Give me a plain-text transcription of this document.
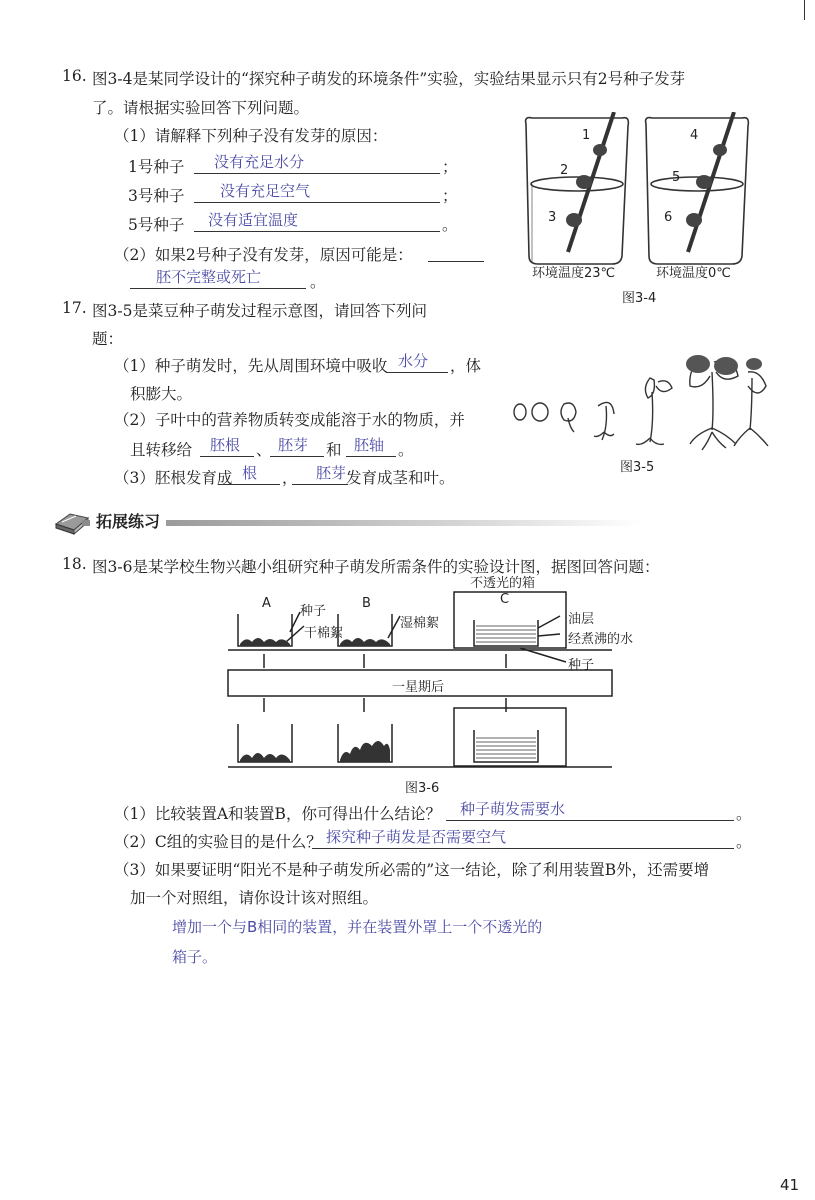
16. 图3-4是某同学设计的“探究种子萌发的环境条件”实验，实验结果显示只有2号种子发芽
了。请根据实验回答下列问题。
（1）请解释下列种子没有发芽的原因：
1号种子 没有充足水分	；
3号种子 没有充足空气	；
5号种子 没有适宜温度	。
（2）如果2号种子没有发芽，原因可能是：
胚不完整或死亡	。
1
2
3
4
5
6
环境温度23℃	环境温度0℃
图3-4
17. 图3-5是菜豆种子萌发过程示意图，请回答下列问
题：
（1）种子萌发时，先从周围环境中吸收 水分 ，体
积膨大。
（2）子叶中的营养物质转变成能溶于水的物质，并
且转移给 胚根 、 胚芽 和 胚轴 。
（3）胚根发育成 根 ， 胚芽 发育成茎和叶。
图3-5
拓展练习
18. 图3-6是某学校生物兴趣小组研究种子萌发所需条件的实验设计图，据图回答问题：
A	B	C
种子
干棉絮
湿棉絮
不透光的箱
油层
经煮沸的水
种子
一星期后
图3-6
（1）比较装置A和装置B，你可得出什么结论？ 种子萌发需要水	。
（2）C组的实验目的是什么？ 探究种子萌发是否需要空气	。
（3）如果要证明“阳光不是种子萌发所必需的”这一结论，除了利用装置B外，还需要增
加一个对照组，请你设计该对照组。
增加一个与B相同的装置，并在装置外罩上一个不透光的
箱子。
41
